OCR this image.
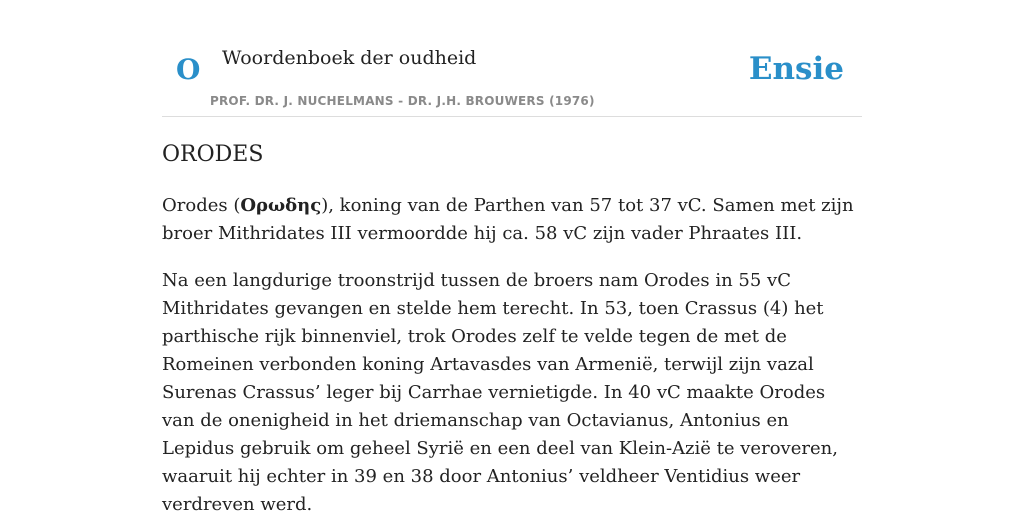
O Woordenboek der oudheid
PROF. DR. J. NUCHELMANS - DR. J.H. BROUWERS (1976)
Ensie
ORODES

Orodes (Ορωδης), koning van de Parthen van 57 tot 37 vC. Samen met zijn broer Mithridates III vermoordde hij ca. 58 vC zijn vader Phraates III.

Na een langdurige troonstrijd tussen de broers nam Orodes in 55 vC Mithridates gevangen en stelde hem terecht. In 53, toen Crassus (4) het parthische rijk binnenviel, trok Orodes zelf te velde tegen de met de Romeinen verbonden koning Artavasdes van Armenië, terwijl zijn vazal Surenas Crassus’ leger bij Carrhae vernietigde. In 40 vC maakte Orodes van de onenigheid in het driemanschap van Octavianus, Antonius en Lepidus gebruik om geheel Syrië en een deel van Klein-Azië te veroveren, waaruit hij echter in 39 en 38 door Antonius’ veldheer Ventidius weer verdreven werd.
